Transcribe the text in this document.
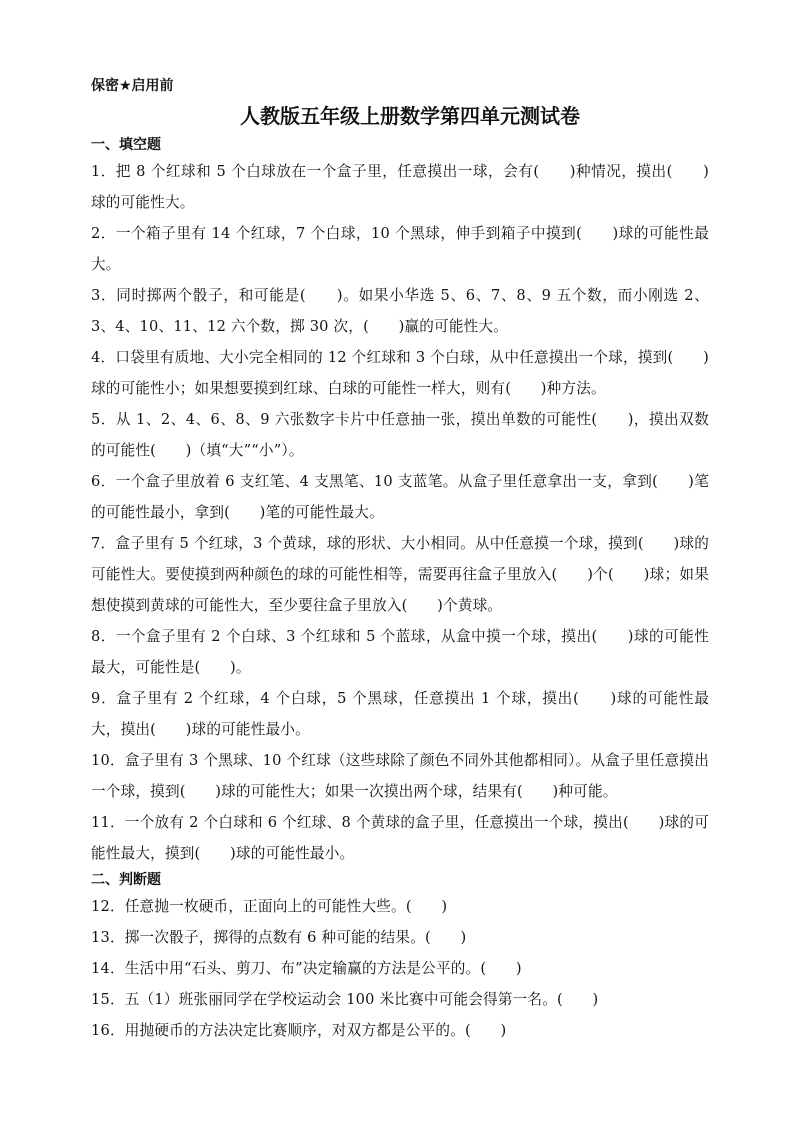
保密★启用前
人教版五年级上册数学第四单元测试卷
一、填空题
1．把 8 个红球和 5 个白球放在一个盒子里，任意摸出一球，会有(　　)种情况，摸出(　　)球的可能性大。
2．一个箱子里有 14 个红球，7 个白球，10 个黑球，伸手到箱子中摸到(　　)球的可能性最大。
3．同时掷两个骰子，和可能是(　　)。如果小华选 5、6、7、8、9 五个数，而小刚选 2、3、4、10、11、12 六个数，掷 30 次，(　　)赢的可能性大。
4．口袋里有质地、大小完全相同的 12 个红球和 3 个白球，从中任意摸出一个球，摸到(　　)球的可能性小；如果想要摸到红球、白球的可能性一样大，则有(　　)种方法。
5．从 1、2、4、6、8、9 六张数字卡片中任意抽一张，摸出单数的可能性(　　)，摸出双数的可能性(　　)（填“大”“小”）。
6．一个盒子里放着 6 支红笔、4 支黑笔、10 支蓝笔。从盒子里任意拿出一支，拿到(　　)笔的可能性最小，拿到(　　)笔的可能性最大。
7．盒子里有 5 个红球，3 个黄球，球的形状、大小相同。从中任意摸一个球，摸到(　　)球的可能性大。要使摸到两种颜色的球的可能性相等，需要再往盒子里放入(　　)个(　　)球；如果想使摸到黄球的可能性大，至少要往盒子里放入(　　)个黄球。
8．一个盒子里有 2 个白球、3 个红球和 5 个蓝球，从盒中摸一个球，摸出(　　)球的可能性最大，可能性是(　　)。
9．盒子里有 2 个红球，4 个白球，5 个黑球，任意摸出 1 个球，摸出(　　)球的可能性最大，摸出(　　)球的可能性最小。
10．盒子里有 3 个黑球、10 个红球（这些球除了颜色不同外其他都相同）。从盒子里任意摸出一个球，摸到(　　)球的可能性大；如果一次摸出两个球，结果有(　　)种可能。
11．一个放有 2 个白球和 6 个红球、8 个黄球的盒子里，任意摸出一个球，摸出(　　)球的可能性最大，摸到(　　)球的可能性最小。
二、判断题
12．任意抛一枚硬币，正面向上的可能性大些。(　　)
13．掷一次骰子，掷得的点数有 6 种可能的结果。(　　)
14．生活中用“石头、剪刀、布”决定输赢的方法是公平的。(　　)
15．五（1）班张丽同学在学校运动会 100 米比赛中可能会得第一名。(　　)
16．用抛硬币的方法决定比赛顺序，对双方都是公平的。(　　)
